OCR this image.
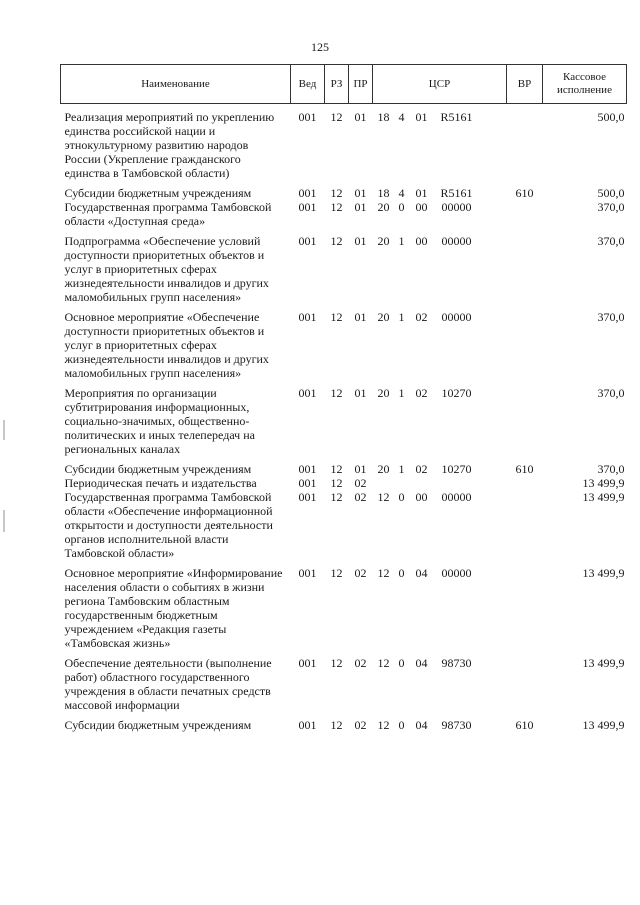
125
Наименование	Вед	РЗ	ПР	ЦСР	ВР	Кассовое исполнение
Реализация мероприятий по укреплению единства российской нации и этнокультурному развитию народов России (Укрепление гражданского единства в Тамбовской области)	001	12	01	18 4 01 R5161		500,0
Субсидии бюджетным учреждениям	001	12	01	18 4 01 R5161	610	500,0
Государственная программа Тамбовской области «Доступная среда»	001	12	01	20 0 00 00000		370,0
Подпрограмма «Обеспечение условий доступности приоритетных объектов и услуг в приоритетных сферах жизнедеятельности инвалидов и других маломобильных групп населения»	001	12	01	20 1 00 00000		370,0
Основное мероприятие «Обеспечение доступности приоритетных объектов и услуг в приоритетных сферах жизнедеятельности инвалидов и других маломобильных групп населения»	001	12	01	20 1 02 00000		370,0
Мероприятия по организации субтитрирования информационных, социально-значимых, общественно-политических и иных телепередач на региональных каналах	001	12	01	20 1 02 10270		370,0
Субсидии бюджетным учреждениям	001	12	01	20 1 02 10270	610	370,0
Периодическая печать и издательства	001	12	02			13 499,9
Государственная программа Тамбовской области «Обеспечение информационной открытости и доступности деятельности органов исполнительной власти Тамбовской области»	001	12	02	12 0 00 00000		13 499,9
Основное мероприятие «Информирование населения области о событиях в жизни региона Тамбовским областным государственным бюджетным учреждением «Редакция газеты «Тамбовская жизнь»	001	12	02	12 0 04 00000		13 499,9
Обеспечение деятельности (выполнение работ) областного государственного учреждения в области печатных средств массовой информации	001	12	02	12 0 04 98730		13 499,9
Субсидии бюджетным учреждениям	001	12	02	12 0 04 98730	610	13 499,9
